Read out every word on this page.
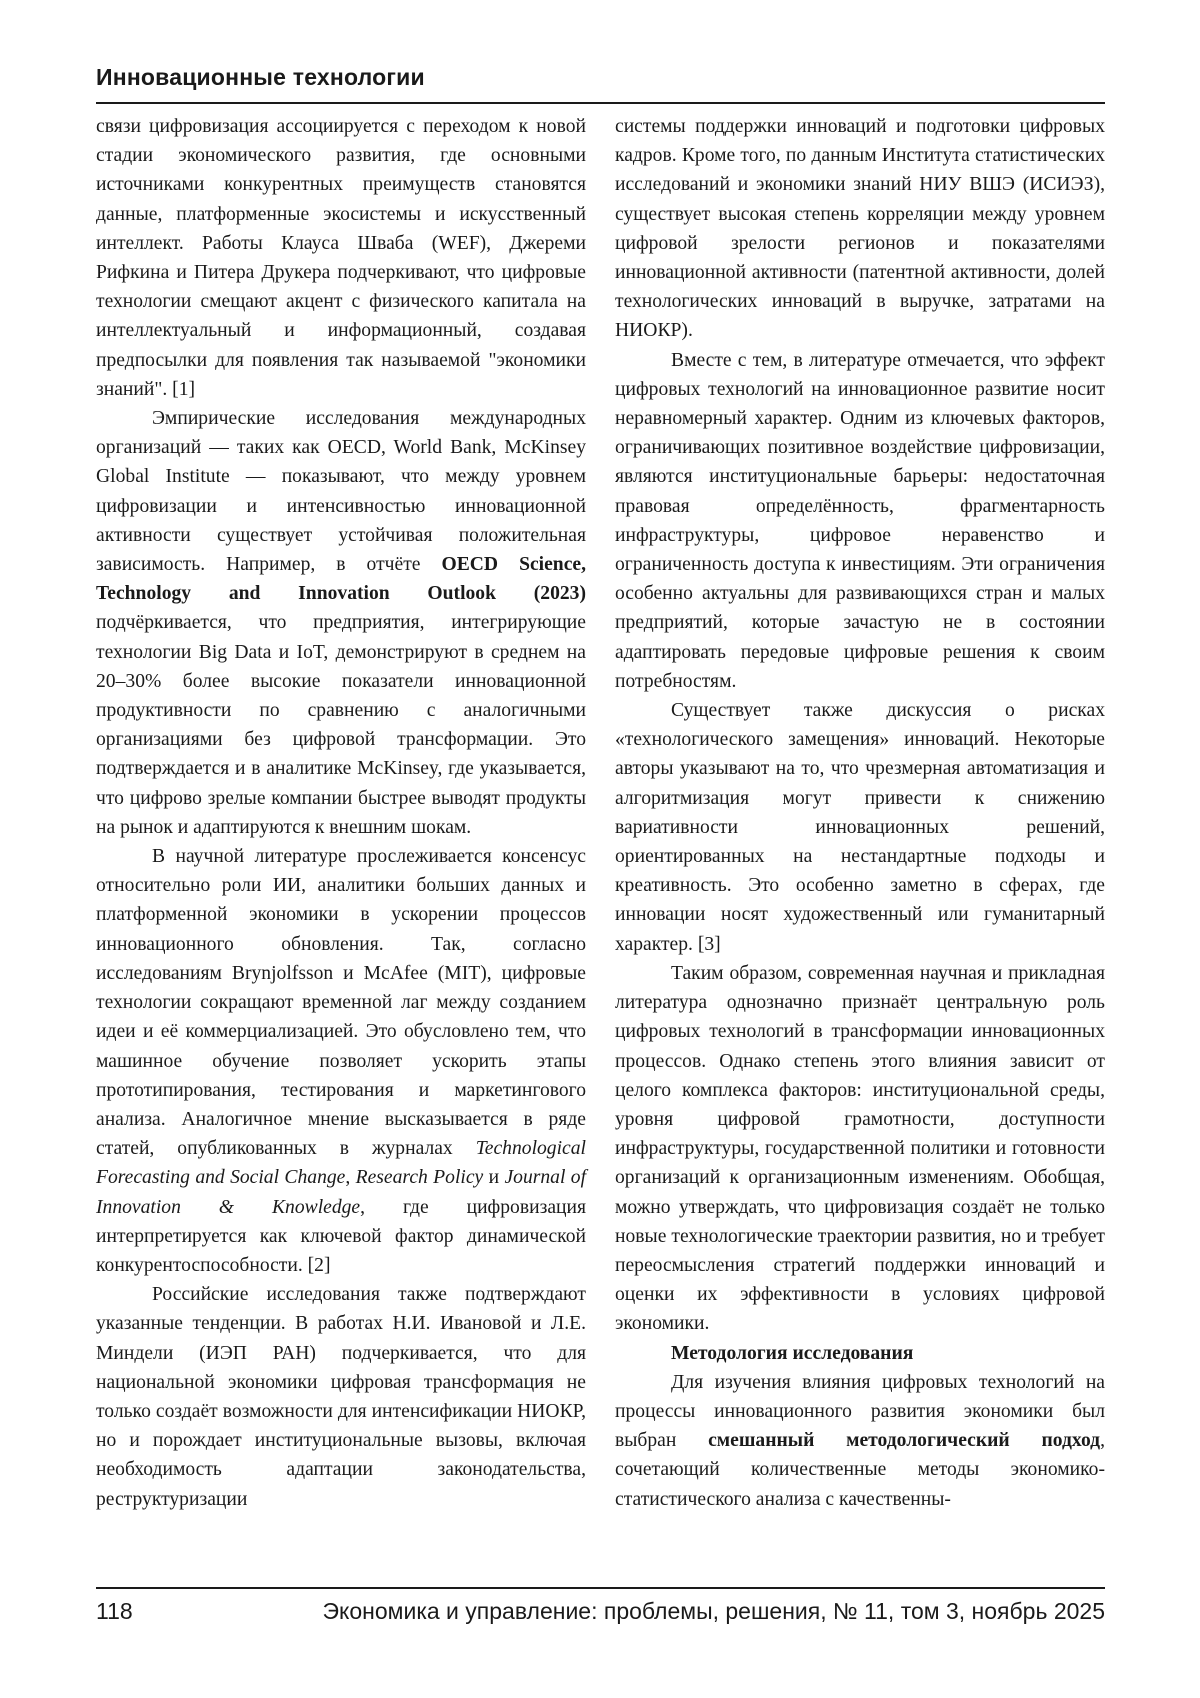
Инновационные технологии

связи цифровизация ассоциируется с переходом к новой стадии экономического развития, где основными источниками конкурентных преимуществ становятся данные, платформенные экосистемы и искусственный интеллект. Работы Клауса Шваба (WEF), Джереми Рифкина и Питера Друкера подчеркивают, что цифровые технологии смещают акцент с физического капитала на интеллектуальный и информационный, создавая предпосылки для появления так называемой "экономики знаний". [1]

Эмпирические исследования международных организаций — таких как OECD, World Bank, McKinsey Global Institute — показывают, что между уровнем цифровизации и интенсивностью инновационной активности существует устойчивая положительная зависимость. Например, в отчёте OECD Science, Technology and Innovation Outlook (2023) подчёркивается, что предприятия, интегрирующие технологии Big Data и IoT, демонстрируют в среднем на 20–30% более высокие показатели инновационной продуктивности по сравнению с аналогичными организациями без цифровой трансформации. Это подтверждается и в аналитике McKinsey, где указывается, что цифрово зрелые компании быстрее выводят продукты на рынок и адаптируются к внешним шокам.

В научной литературе прослеживается консенсус относительно роли ИИ, аналитики больших данных и платформенной экономики в ускорении процессов инновационного обновления. Так, согласно исследованиям Brynjolfsson и McAfee (MIT), цифровые технологии сокращают временной лаг между созданием идеи и её коммерциализацией. Это обусловлено тем, что машинное обучение позволяет ускорить этапы прототипирования, тестирования и маркетингового анализа. Аналогичное мнение высказывается в ряде статей, опубликованных в журналах Technological Forecasting and Social Change, Research Policy и Journal of Innovation & Knowledge, где цифровизация интерпретируется как ключевой фактор динамической конкурентоспособности. [2]

Российские исследования также подтверждают указанные тенденции. В работах Н.И. Ивановой и Л.Е. Миндели (ИЭП РАН) подчеркивается, что для национальной экономики цифровая трансформация не только создаёт возможности для интенсификации НИОКР, но и порождает институциональные вызовы, включая необходимость адаптации законодательства, реструктуризации

системы поддержки инноваций и подготовки цифровых кадров. Кроме того, по данным Института статистических исследований и экономики знаний НИУ ВШЭ (ИСИЭЗ), существует высокая степень корреляции между уровнем цифровой зрелости регионов и показателями инновационной активности (патентной активности, долей технологических инноваций в выручке, затратами на НИОКР).

Вместе с тем, в литературе отмечается, что эффект цифровых технологий на инновационное развитие носит неравномерный характер. Одним из ключевых факторов, ограничивающих позитивное воздействие цифровизации, являются институциональные барьеры: недостаточная правовая определённость, фрагментарность инфраструктуры, цифровое неравенство и ограниченность доступа к инвестициям. Эти ограничения особенно актуальны для развивающихся стран и малых предприятий, которые зачастую не в состоянии адаптировать передовые цифровые решения к своим потребностям.

Существует также дискуссия о рисках «технологического замещения» инноваций. Некоторые авторы указывают на то, что чрезмерная автоматизация и алгоритмизация могут привести к снижению вариативности инновационных решений, ориентированных на нестандартные подходы и креативность. Это особенно заметно в сферах, где инновации носят художественный или гуманитарный характер. [3]

Таким образом, современная научная и прикладная литература однозначно признаёт центральную роль цифровых технологий в трансформации инновационных процессов. Однако степень этого влияния зависит от целого комплекса факторов: институциональной среды, уровня цифровой грамотности, доступности инфраструктуры, государственной политики и готовности организаций к организационным изменениям. Обобщая, можно утверждать, что цифровизация создаёт не только новые технологические траектории развития, но и требует переосмысления стратегий поддержки инноваций и оценки их эффективности в условиях цифровой экономики.

Методология исследования

Для изучения влияния цифровых технологий на процессы инновационного развития экономики был выбран смешанный методологический подход, сочетающий количественные методы экономико-статистического анализа с качественны-

118	Экономика и управление: проблемы, решения, № 11, том 3, ноябрь 2025
